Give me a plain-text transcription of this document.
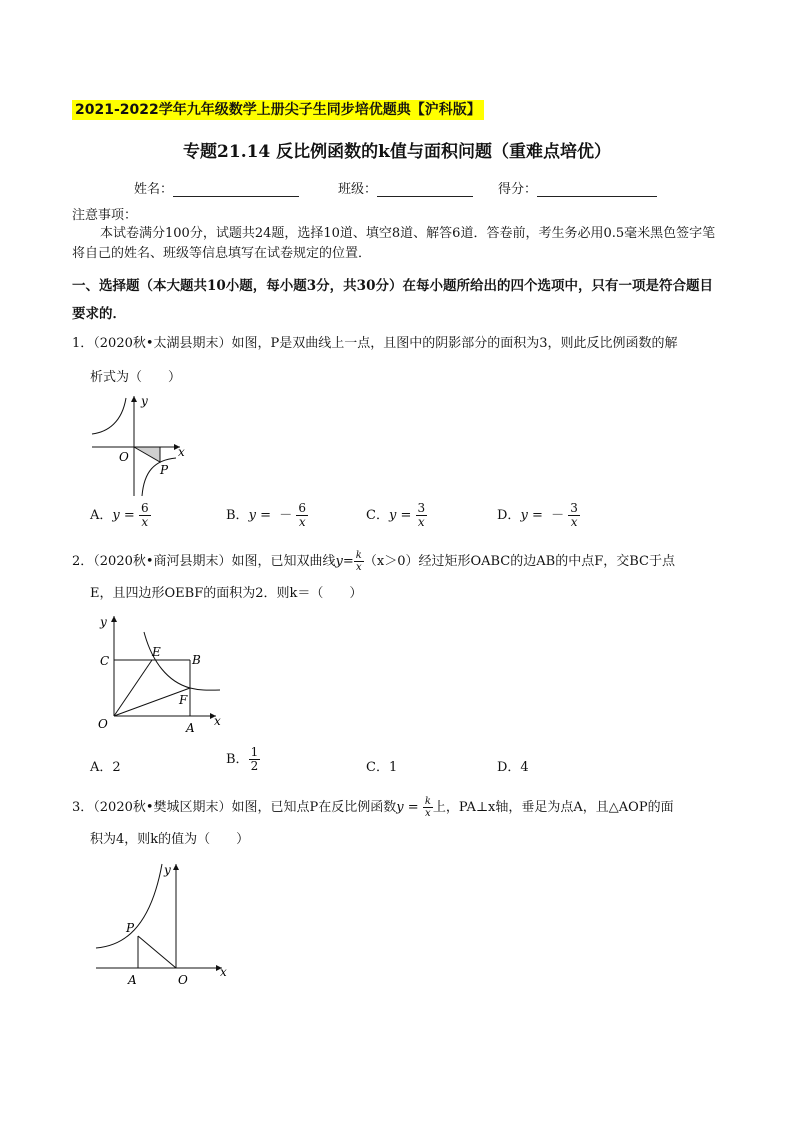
2021-2022学年九年级数学上册尖子生同步培优题典【沪科版】
专题21.14 反比例函数的k值与面积问题（重难点培优）
姓名：	班级：	得分：
注意事项：
本试卷满分100分，试题共24题，选择10道、填空8道、解答6道．答卷前，考生务必用0.5毫米黑色签字笔将自己的姓名、班级等信息填写在试卷规定的位置．
一、选择题（本大题共10小题，每小题3分，共30分）在每小题所给出的四个选项中，只有一项是符合题目要求的．
1．（2020秋•太湖县期末）如图，P是双曲线上一点，且图中的阴影部分的面积为3，则此反比例函数的解
析式为（　　）
x
y
O
P
A．$y = \frac{6}{x}$	B．y = － $\frac{6}{x}$	C．$y = \frac{3}{x}$	D．y = － $\frac{3}{x}$
2．（2020秋•商河县期末）如图，已知双曲线$y= \frac{k}{x} (x>0)$经过矩形OABC的边AB的中点F，交BC于点
E，且四边形OEBF的面积为2．则k＝（　　）
x
y
O	A
B
C
E
F
A．2
B． $\frac{1}{2}$	C．1	D．4
3．（2020秋•樊城区期末）如图，已知点P在反比例函数$y = \frac{k}{x}$ 上，PA⊥x轴，垂足为点A，且△AOP的面
积为4，则k的值为（　　）
x
y
O
A
P
